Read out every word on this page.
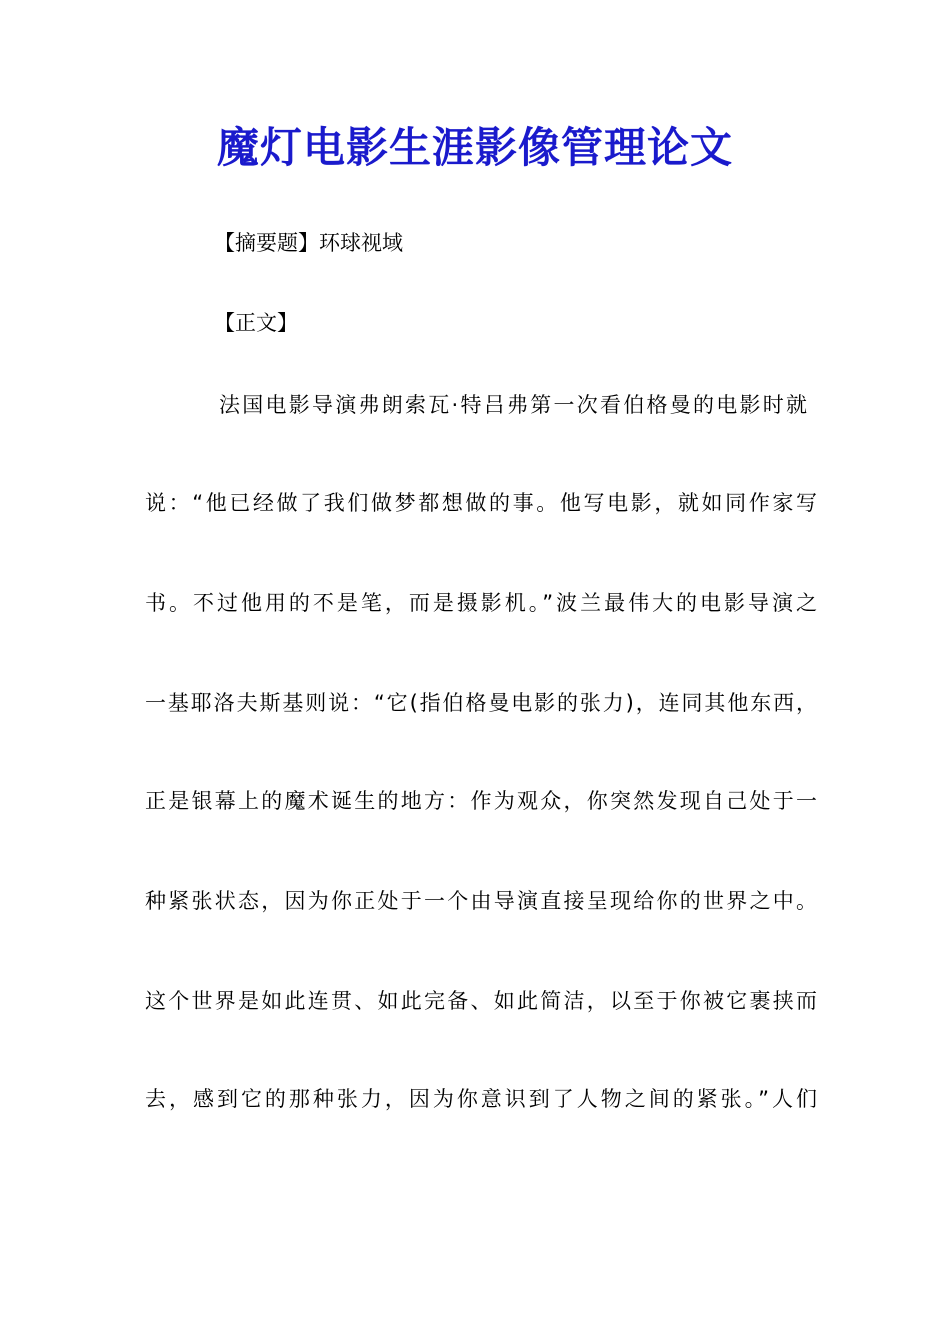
魔灯电影生涯影像管理论文
【摘要题】环球视域
【正文】
法国电影导演弗朗索瓦·特吕弗第一次看伯格曼的电影时就
说：“他已经做了我们做梦都想做的事。他写电影，就如同作家写
书。不过他用的不是笔，而是摄影机。”波兰最伟大的电影导演之
一基耶洛夫斯基则说：“它(指伯格曼电影的张力)，连同其他东西，
正是银幕上的魔术诞生的地方：作为观众，你突然发现自己处于一
种紧张状态，因为你正处于一个由导演直接呈现给你的世界之中。
这个世界是如此连贯、如此完备、如此简洁，以至于你被它裹挟而
去，感到它的那种张力，因为你意识到了人物之间的紧张。”人们
